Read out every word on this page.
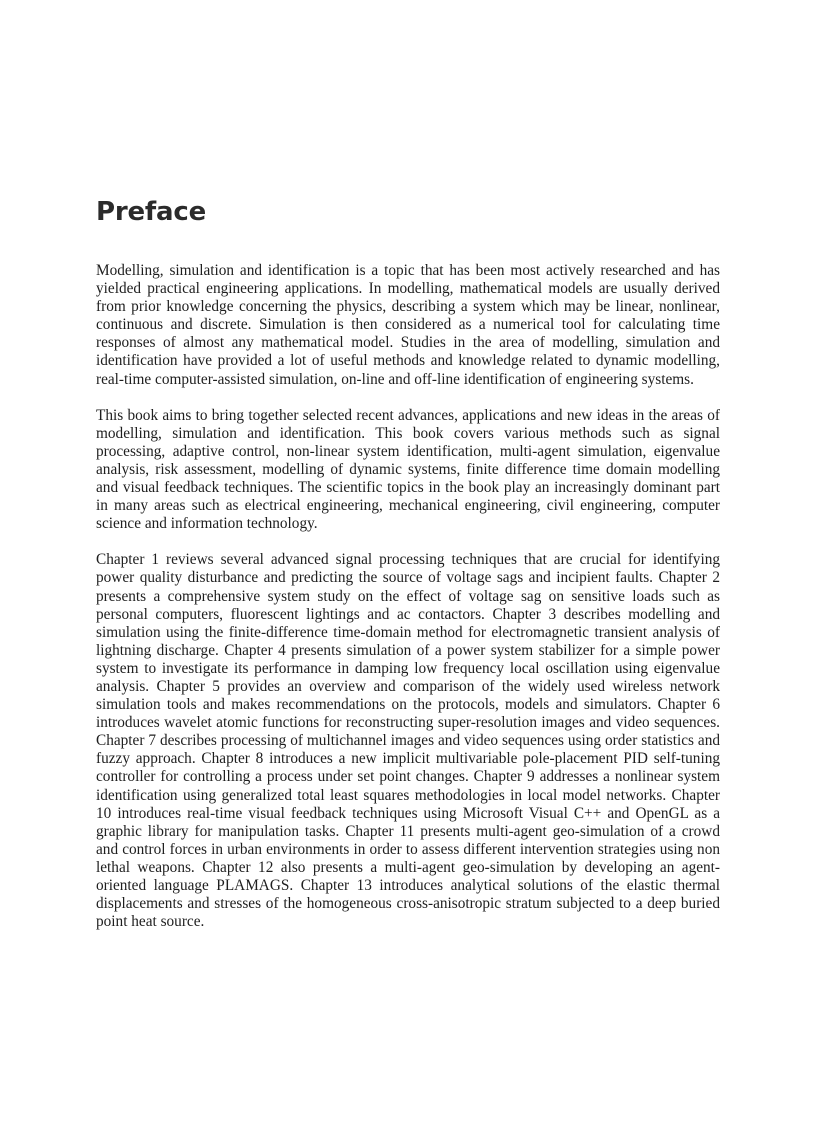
Preface

Modelling, simulation and identification is a topic that has been most actively researched and has yielded practical engineering applications. In modelling, mathematical models are usually derived from prior knowledge concerning the physics, describing a system which may be linear, nonlinear, continuous and discrete. Simulation is then considered as a numerical tool for calculating time responses of almost any mathematical model. Studies in the area of modelling, simulation and identification have provided a lot of useful methods and knowledge related to dynamic modelling, real-time computer-assisted simulation, on-line and off-line identification of engineering systems.

This book aims to bring together selected recent advances, applications and new ideas in the areas of modelling, simulation and identification. This book covers various methods such as signal processing, adaptive control, non-linear system identification, multi-agent simulation, eigenvalue analysis, risk assessment, modelling of dynamic systems, finite difference time domain modelling and visual feedback techniques. The scientific topics in the book play an increasingly dominant part in many areas such as electrical engineering, mechanical engineering, civil engineering, computer science and information technology.

Chapter 1 reviews several advanced signal processing techniques that are crucial for identifying power quality disturbance and predicting the source of voltage sags and incipient faults. Chapter 2 presents a comprehensive system study on the effect of voltage sag on sensitive loads such as personal computers, fluorescent lightings and ac contactors. Chapter 3 describes modelling and simulation using the finite-difference time-domain method for electromagnetic transient analysis of lightning discharge. Chapter 4 presents simulation of a power system stabilizer for a simple power system to investigate its performance in damping low frequency local oscillation using eigenvalue analysis. Chapter 5 provides an overview and comparison of the widely used wireless network simulation tools and makes recommendations on the protocols, models and simulators. Chapter 6 introduces wavelet atomic functions for reconstructing super-resolution images and video sequences. Chapter 7 describes processing of multichannel images and video sequences using order statistics and fuzzy approach. Chapter 8 introduces a new implicit multivariable pole-placement PID self-tuning controller for controlling a process under set point changes. Chapter 9 addresses a nonlinear system identification using generalized total least squares methodologies in local model networks. Chapter 10 introduces real-time visual feedback techniques using Microsoft Visual C++ and OpenGL as a graphic library for manipulation tasks. Chapter 11 presents multi-agent geo-simulation of a crowd and control forces in urban environments in order to assess different intervention strategies using non lethal weapons. Chapter 12 also presents a multi-agent geo-simulation by developing an agent-oriented language PLAMAGS. Chapter 13 introduces analytical solutions of the elastic thermal displacements and stresses of the homogeneous cross-anisotropic stratum subjected to a deep buried point heat source.
